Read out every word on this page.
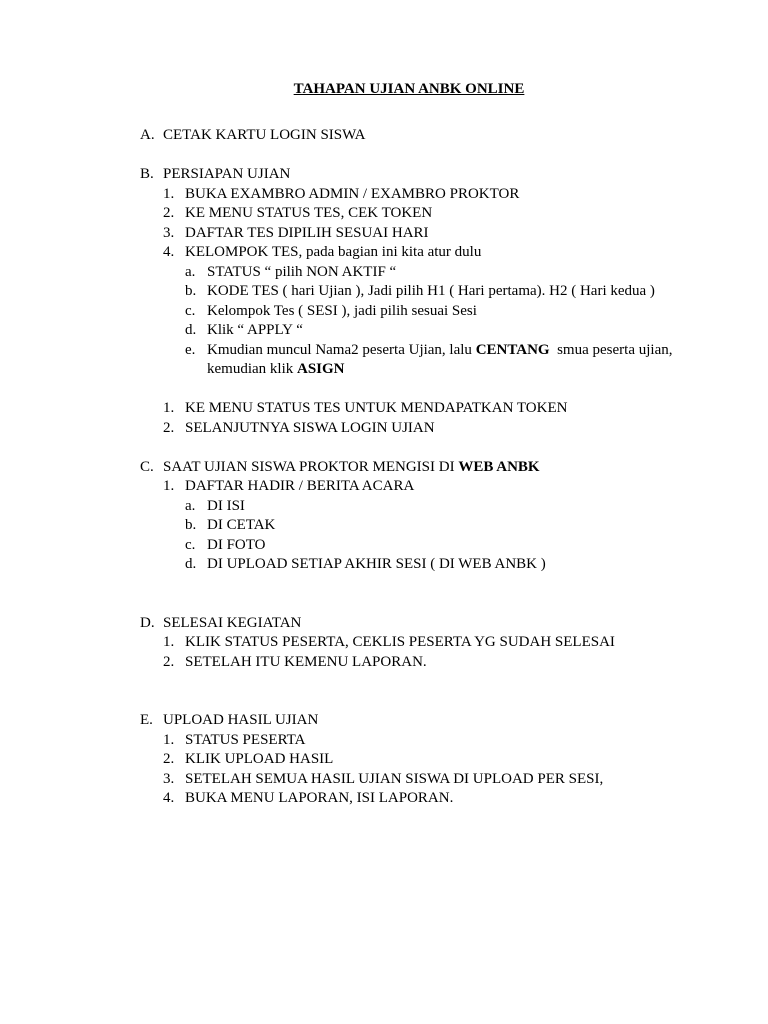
TAHAPAN UJIAN ANBK ONLINE
A. CETAK KARTU LOGIN SISWA
B. PERSIAPAN UJIAN
1. BUKA EXAMBRO ADMIN / EXAMBRO PROKTOR
2. KE MENU STATUS TES, CEK TOKEN
3. DAFTAR TES DIPILIH SESUAI HARI
4. KELOMPOK TES, pada bagian ini kita atur dulu
a. STATUS “ pilih NON AKTIF “
b. KODE TES ( hari Ujian ), Jadi pilih H1 ( Hari pertama). H2 ( Hari kedua )
c. Kelompok Tes ( SESI ), jadi pilih sesuai Sesi
d. Klik “ APPLY “
e. Kmudian muncul Nama2 peserta Ujian, lalu CENTANG  smua peserta ujian, kemudian klik ASIGN
1. KE MENU STATUS TES UNTUK MENDAPATKAN TOKEN
2. SELANJUTNYA SISWA LOGIN UJIAN
C. SAAT UJIAN SISWA PROKTOR MENGISI DI WEB ANBK
1. DAFTAR HADIR / BERITA ACARA
a. DI ISI
b. DI CETAK
c. DI FOTO
d. DI UPLOAD SETIAP AKHIR SESI ( DI WEB ANBK )
D. SELESAI KEGIATAN
1. KLIK STATUS PESERTA, CEKLIS PESERTA YG SUDAH SELESAI
2. SETELAH ITU KEMENU LAPORAN.
E. UPLOAD HASIL UJIAN
1. STATUS PESERTA
2. KLIK UPLOAD HASIL
3. SETELAH SEMUA HASIL UJIAN SISWA DI UPLOAD PER SESI,
4. BUKA MENU LAPORAN, ISI LAPORAN.
